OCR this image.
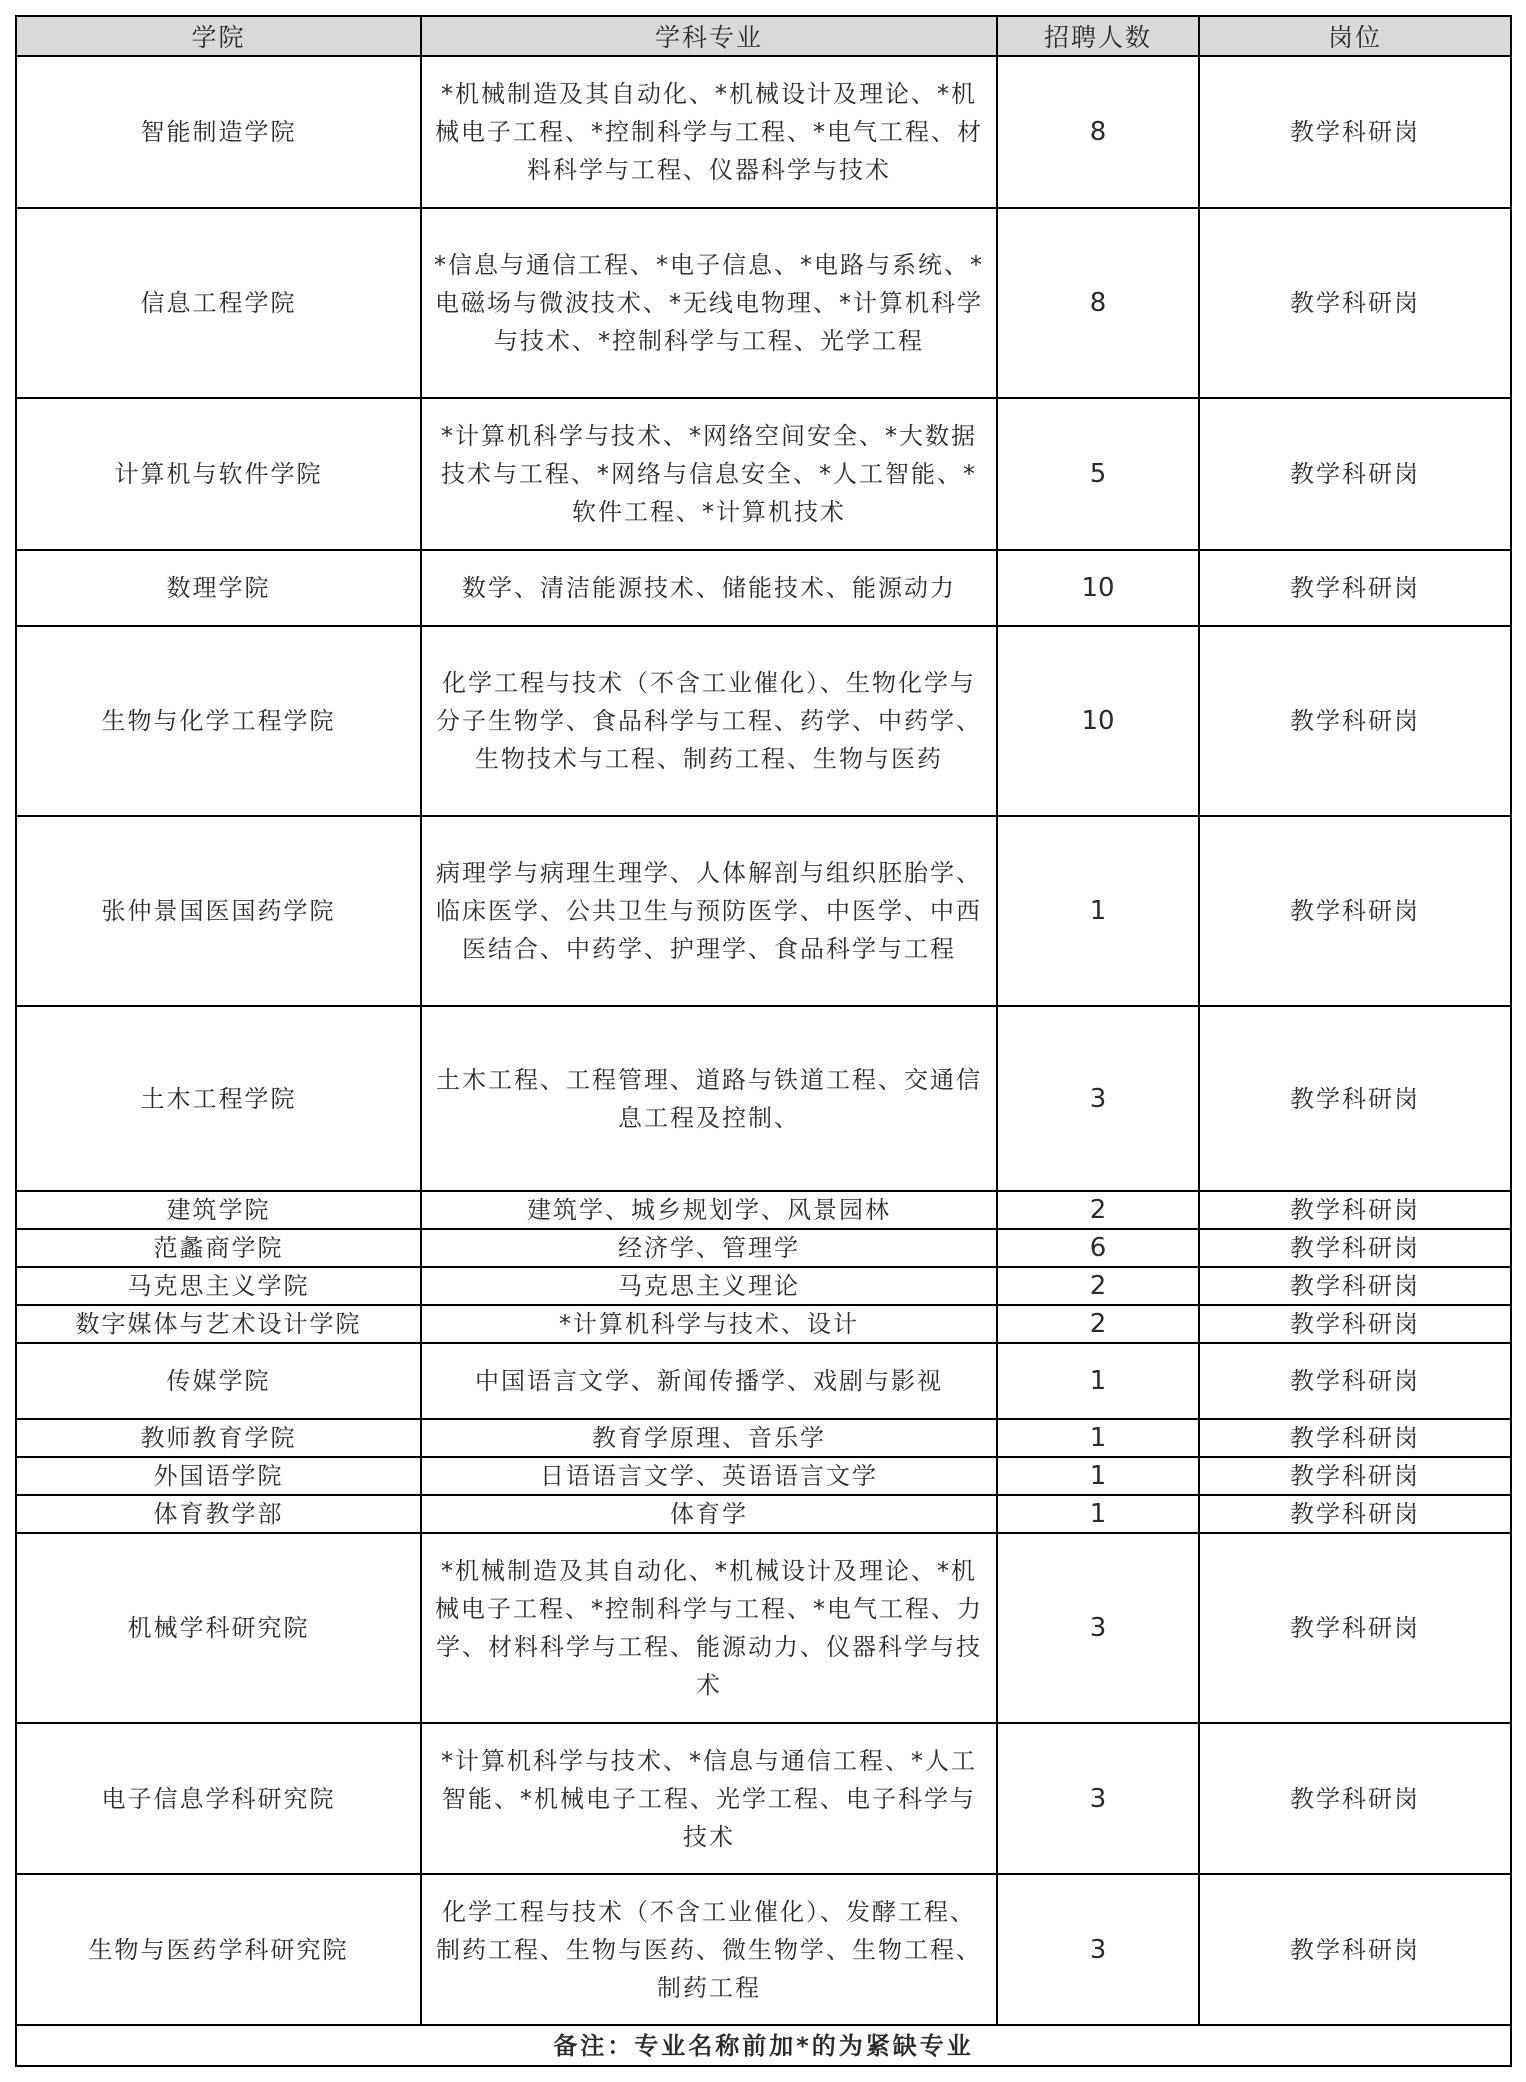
学院	学科专业	招聘人数	岗位
智能制造学院	*机械制造及其自动化、*机械设计及理论、*机械电子工程、*控制科学与工程、*电气工程、材料科学与工程、仪器科学与技术	8	教学科研岗
信息工程学院	*信息与通信工程、*电子信息、*电路与系统、*电磁场与微波技术、*无线电物理、*计算机科学与技术、*控制科学与工程、光学工程	8	教学科研岗
计算机与软件学院	*计算机科学与技术、*网络空间安全、*大数据技术与工程、*网络与信息安全、*人工智能、*软件工程、*计算机技术	5	教学科研岗
数理学院	数学、清洁能源技术、储能技术、能源动力	10	教学科研岗
生物与化学工程学院	化学工程与技术（不含工业催化）、生物化学与分子生物学、食品科学与工程、药学、中药学、生物技术与工程、制药工程、生物与医药	10	教学科研岗
张仲景国医国药学院	病理学与病理生理学、人体解剖与组织胚胎学、临床医学、公共卫生与预防医学、中医学、中西医结合、中药学、护理学、食品科学与工程	1	教学科研岗
土木工程学院	土木工程、工程管理、道路与铁道工程、交通信息工程及控制、	3	教学科研岗
建筑学院	建筑学、城乡规划学、风景园林	2	教学科研岗
范蠡商学院	经济学、管理学	6	教学科研岗
马克思主义学院	马克思主义理论	2	教学科研岗
数字媒体与艺术设计学院	*计算机科学与技术、设计	2	教学科研岗
传媒学院	中国语言文学、新闻传播学、戏剧与影视	1	教学科研岗
教师教育学院	教育学原理、音乐学	1	教学科研岗
外国语学院	日语语言文学、英语语言文学	1	教学科研岗
体育教学部	体育学	1	教学科研岗
机械学科研究院	*机械制造及其自动化、*机械设计及理论、*机械电子工程、*控制科学与工程、*电气工程、力学、材料科学与工程、能源动力、仪器科学与技术	3	教学科研岗
电子信息学科研究院	*计算机科学与技术、*信息与通信工程、*人工智能、*机械电子工程、光学工程、电子科学与技术	3	教学科研岗
生物与医药学科研究院	化学工程与技术（不含工业催化）、发酵工程、制药工程、生物与医药、微生物学、生物工程、制药工程	3	教学科研岗
备注：专业名称前加*的为紧缺专业			
